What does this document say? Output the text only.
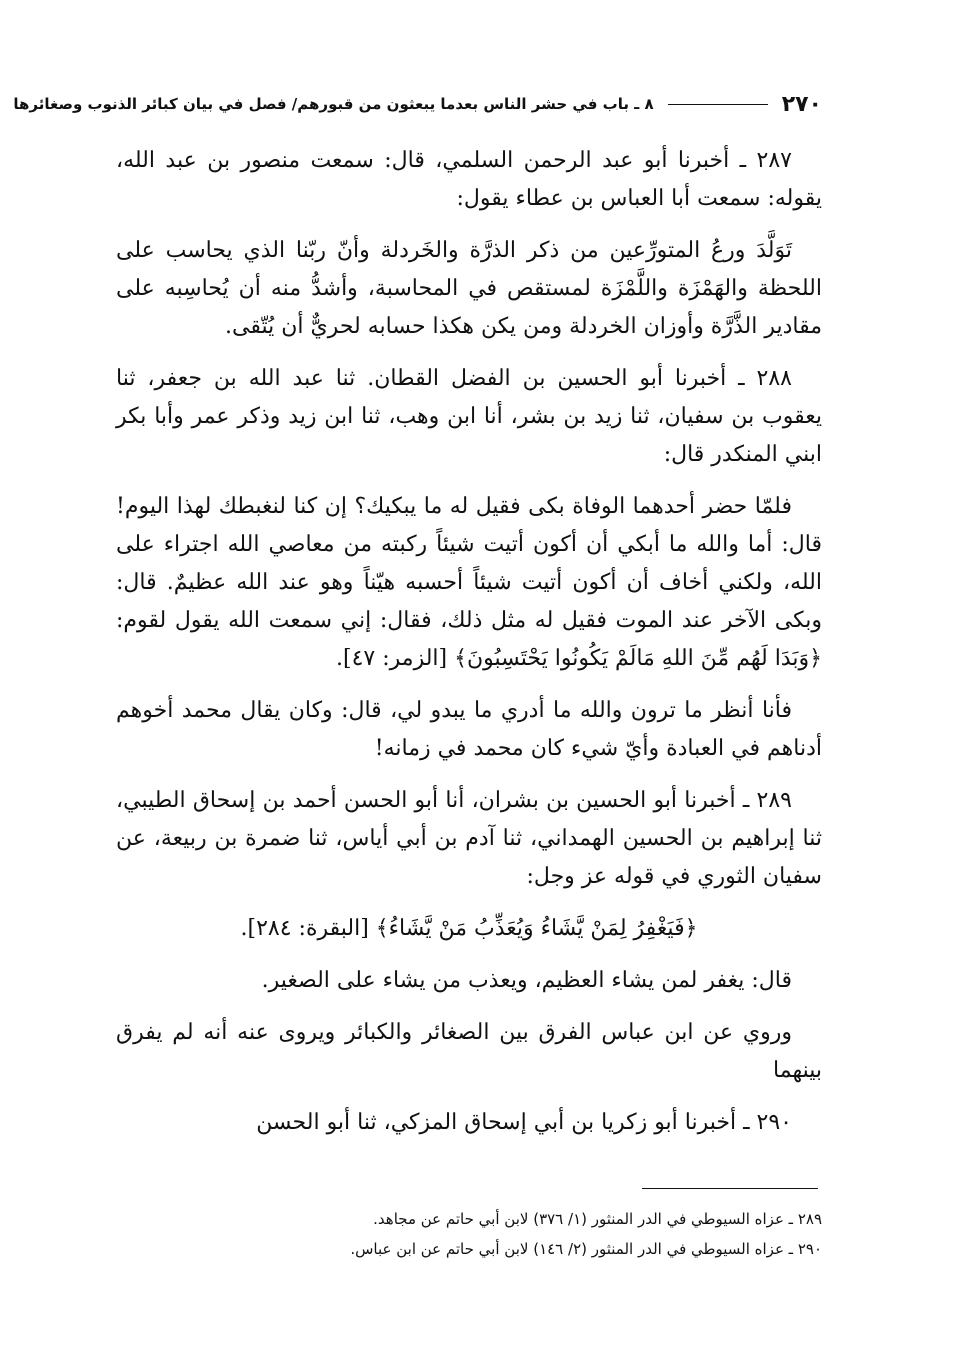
٢٧٠
٨ ـ باب في حشر الناس بعدما يبعثون من قبورهم/ فصل في بيان كبائر الذنوب وصغائرها

٢٨٧ ـ أخبرنا أبو عبد الرحمن السلمي، قال: سمعت منصور بن عبد الله، يقوله: سمعت أبا العباس بن عطاء يقول:

تَوَلَّدَ ورعُ المتورِّعين من ذكر الذرَّة والخَردلة وأنّ ربّنا الذي يحاسب على اللحظة والهَمْزَة واللَّمْزَة لمستقص في المحاسبة، وأشدُّ منه أن يُحاسِبه على مقادير الذَّرَّة وأوزان الخردلة ومن يكن هكذا حسابه لحريٌّ أن يُتّقى.

٢٨٨ ـ أخبرنا أبو الحسين بن الفضل القطان. ثنا عبد الله بن جعفر، ثنا يعقوب بن سفيان، ثنا زيد بن بشر، أنا ابن وهب، ثنا ابن زيد وذكر عمر وأبا بكر ابني المنكدر قال:

فلمّا حضر أحدهما الوفاة بكى فقيل له ما يبكيك؟ إن كنا لنغبطك لهذا اليوم! قال: أما والله ما أبكي أن أكون أتيت شيئاً ركبته من معاصي الله اجتراء على الله، ولكني أخاف أن أكون أتيت شيئاً أحسبه هيّناً وهو عند الله عظيمٌ. قال: وبكى الآخر عند الموت فقيل له مثل ذلك، فقال: إني سمعت الله يقول لقوم: ﴿وَبَدَا لَهُم مِّنَ اللهِ مَالَمْ يَكُونُوا يَحْتَسِبُونَ﴾ [الزمر: ٤٧].

فأنا أنظر ما ترون والله ما أدري ما يبدو لي، قال: وكان يقال محمد أخوهم أدناهم في العبادة وأيّ شيء كان محمد في زمانه!

٢٨٩ ـ أخبرنا أبو الحسين بن بشران، أنا أبو الحسن أحمد بن إسحاق الطيبي، ثنا إبراهيم بن الحسين الهمداني، ثنا آدم بن أبي أياس، ثنا ضمرة بن ربيعة، عن سفيان الثوري في قوله عز وجل:

﴿فَيَغْفِرُ لِمَنْ يَّشَاءُ وَيُعَذِّبُ مَنْ يَّشَاءُ﴾ [البقرة: ٢٨٤].

قال: يغفر لمن يشاء العظيم، ويعذب من يشاء على الصغير.

وروي عن ابن عباس الفرق بين الصغائر والكبائر ويروى عنه أنه لم يفرق بينهما

٢٩٠ ـ أخبرنا أبو زكريا بن أبي إسحاق المزكي، ثنا أبو الحسن

٢٨٩ ـ عزاه السيوطي في الدر المنثور (١/ ٣٧٦) لابن أبي حاتم عن مجاهد.
٢٩٠ ـ عزاه السيوطي في الدر المنثور (٢/ ١٤٦) لابن أبي حاتم عن ابن عباس.
